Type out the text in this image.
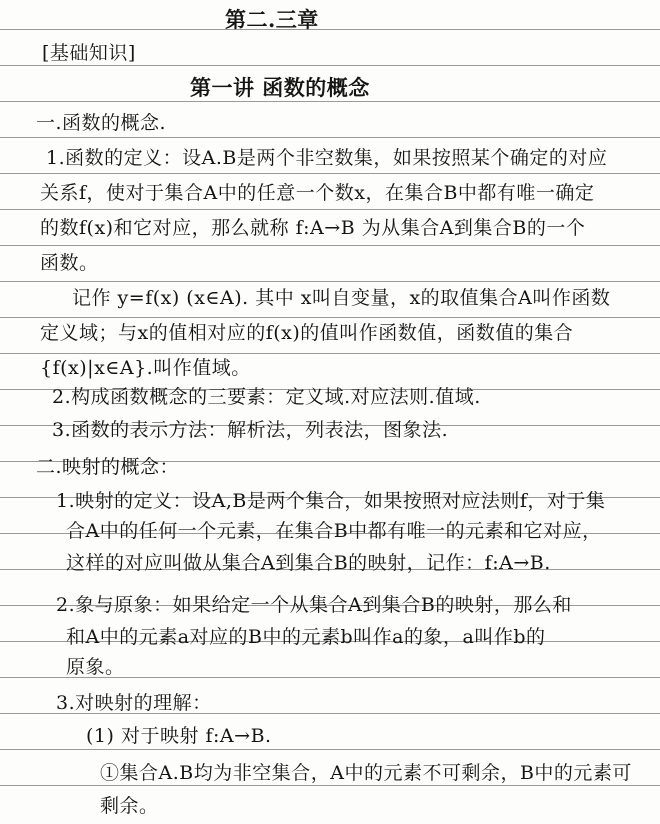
第二.三章
[基础知识]
第一讲 函数的概念
一.函数的概念.
1.函数的定义：设A.B是两个非空数集，如果按照某个确定的对应
关系f，使对于集合A中的任意一个数x，在集合B中都有唯一确定
的数f(x)和它对应，那么就称 f:A→B 为从集合A到集合B的一个
函数。
记作 y=f(x) (x∈A). 其中 x叫自变量，x的取值集合A叫作函数
定义域；与x的值相对应的f(x)的值叫作函数值，函数值的集合
{f(x)|x∈A}.叫作值域。
2.构成函数概念的三要素：定义域.对应法则.值域.
3.函数的表示方法：解析法，列表法，图象法.
二.映射的概念：
1.映射的定义：设A,B是两个集合，如果按照对应法则f，对于集
合A中的任何一个元素，在集合B中都有唯一的元素和它对应，
这样的对应叫做从集合A到集合B的映射，记作：f:A→B.
2.象与原象：如果给定一个从集合A到集合B的映射，那么和
和A中的元素a对应的B中的元素b叫作a的象，a叫作b的
原象。
3.对映射的理解：
(1) 对于映射 f:A→B.
①集合A.B均为非空集合，A中的元素不可剩余，B中的元素可
剩余。
